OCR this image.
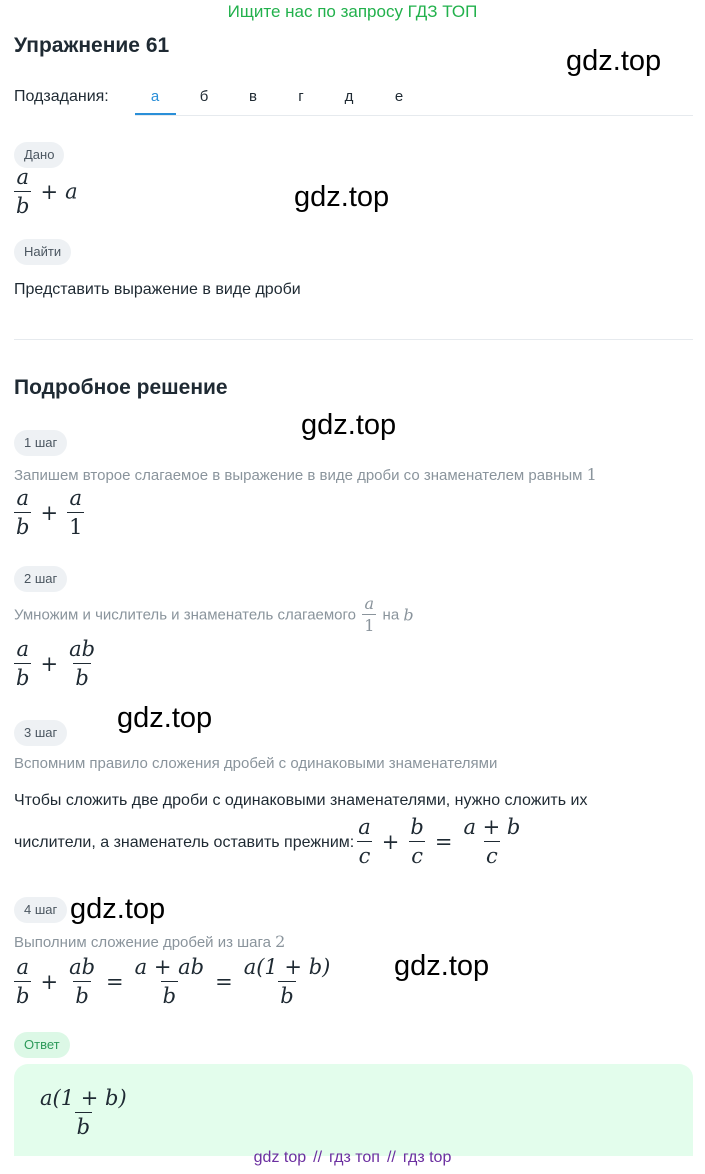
Ищите нас по запросу ГДЗ ТОП
Упражнение 61	gdz.top
gdz.top
gdz.top
gdz.top
gdz.top
gdz.top
Подзадания:	а	б	в	г	д	е
Дано
$\frac{a}{b} + a$
Найти
Представить выражение в виде дроби
Подробное решение
1 шаг
Запишем второе слагаемое в выражение в виде дроби со знаменателем равным 1
$\frac{a}{b} + \frac{a}{1}$
2 шаг
Умножим и числитель и знаменатель слагаемого $\frac{a}{1}$ на b
$\frac{a}{b} + \frac{ab}{b}$
3 шаг
Вспомним правило сложения дробей с одинаковыми знаменателями
Чтобы сложить две дроби с одинаковыми знаменателями, нужно сложить их
числители, а знаменатель оставить прежним: $\frac{a}{c} + \frac{b}{c} = \frac{a + b}{c}$
4 шаг
Выполним сложение дробей из шага 2
$\frac{a}{b} + \frac{ab}{b} = \frac{a + ab}{b} = \frac{a(1 + b)}{b}$
Ответ
$\frac{a(1 + b)}{b}$
gdz top // гдз топ // гдз top
